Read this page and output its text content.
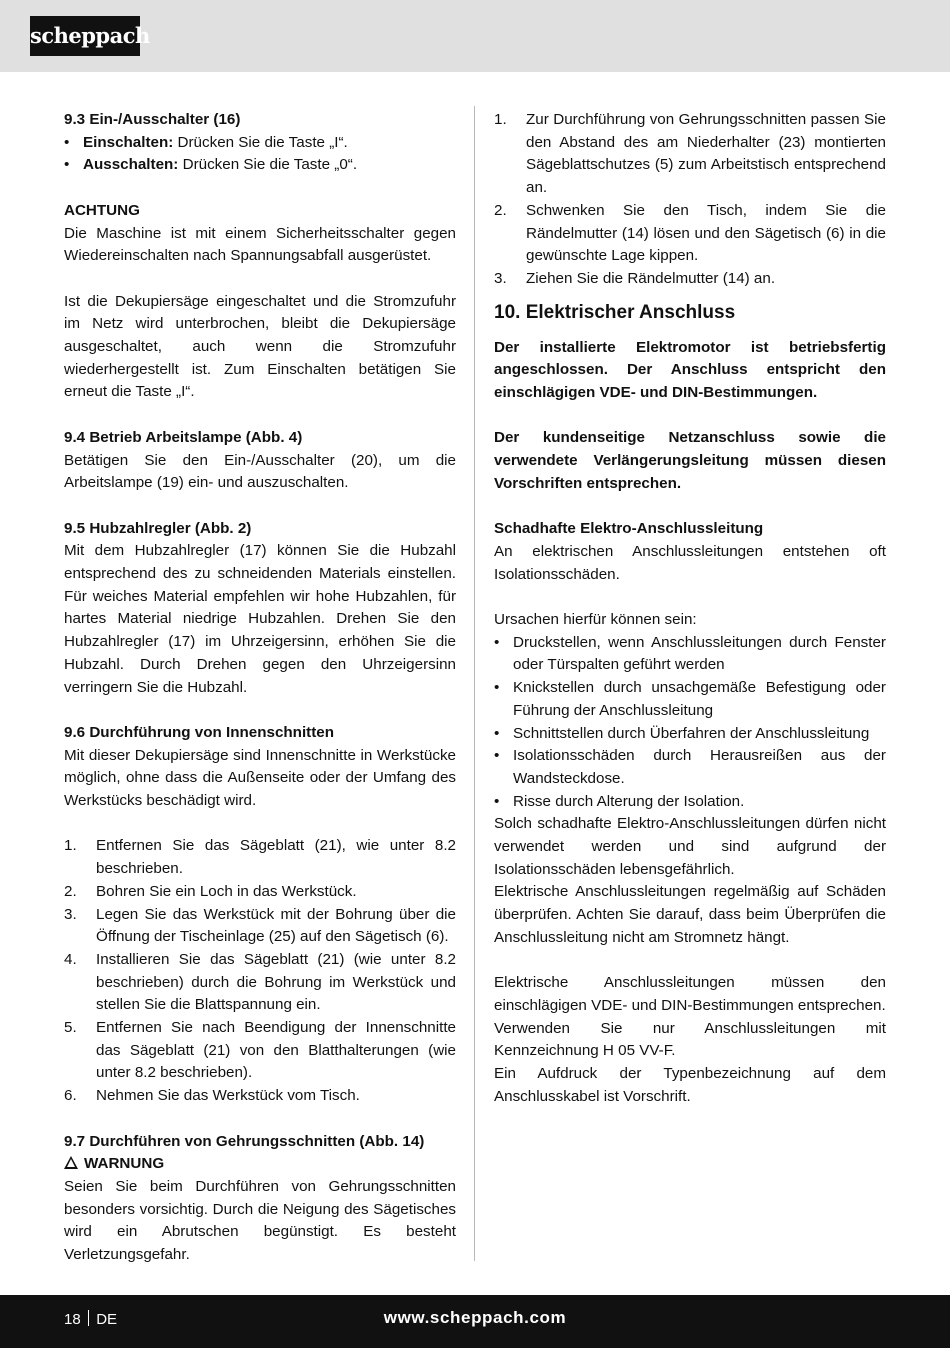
scheppach

9.3 Ein-/Ausschalter (16)

• Einschalten: Drücken Sie die Taste „I“.
• Ausschalten: Drücken Sie die Taste „0“.

ACHTUNG

Die Maschine ist mit einem Sicherheitsschalter gegen Wiedereinschalten nach Spannungsabfall ausgerüstet.

Ist die Dekupiersäge eingeschaltet und die Stromzufuhr im Netz wird unterbrochen, bleibt die Dekupiersäge ausgeschaltet, auch wenn die Stromzufuhr wiederhergestellt ist. Zum Einschalten betätigen Sie erneut die Taste „I“.

9.4 Betrieb Arbeitslampe (Abb. 4)

Betätigen Sie den Ein-/Ausschalter (20), um die Arbeitslampe (19) ein- und auszuschalten.

9.5 Hubzahlregler (Abb. 2)

Mit dem Hubzahlregler (17) können Sie die Hubzahl entsprechend des zu schneidenden Materials einstellen. Für weiches Material empfehlen wir hohe Hubzahlen, für hartes Material niedrige Hubzahlen. Drehen Sie den Hubzahlregler (17) im Uhrzeigersinn, erhöhen Sie die Hubzahl. Durch Drehen gegen den Uhrzeigersinn verringern Sie die Hubzahl.

9.6 Durchführung von Innenschnitten

Mit dieser Dekupiersäge sind Innenschnitte in Werkstücke möglich, ohne dass die Außenseite oder der Umfang des Werkstücks beschädigt wird.

1. Entfernen Sie das Sägeblatt (21), wie unter 8.2 beschrieben.
2. Bohren Sie ein Loch in das Werkstück.
3. Legen Sie das Werkstück mit der Bohrung über die Öffnung der Tischeinlage (25) auf den Sägetisch (6).
4. Installieren Sie das Sägeblatt (21) (wie unter 8.2 beschrieben) durch die Bohrung im Werkstück und stellen Sie die Blattspannung ein.
5. Entfernen Sie nach Beendigung der Innenschnitte das Sägeblatt (21) von den Blatthalterungen (wie unter 8.2 beschrieben).
6. Nehmen Sie das Werkstück vom Tisch.

9.7 Durchführen von Gehrungsschnitten (Abb. 14)

WARNUNG

Seien Sie beim Durchführen von Gehrungsschnitten besonders vorsichtig. Durch die Neigung des Sägetisches wird ein Abrutschen begünstigt. Es besteht Verletzungsgefahr.

1. Zur Durchführung von Gehrungsschnitten passen Sie den Abstand des am Niederhalter (23) montierten Sägeblattschutzes (5) zum Arbeitstisch entsprechend an.
2. Schwenken Sie den Tisch, indem Sie die Rändelmutter (14) lösen und den Sägetisch (6) in die gewünschte Lage kippen.
3. Ziehen Sie die Rändelmutter (14) an.

10. Elektrischer Anschluss

Der installierte Elektromotor ist betriebsfertig angeschlossen. Der Anschluss entspricht den einschlägigen VDE- und DIN-Bestimmungen.

Der kundenseitige Netzanschluss sowie die verwendete Verlängerungsleitung müssen diesen Vorschriften entsprechen.

Schadhafte Elektro-Anschlussleitung

An elektrischen Anschlussleitungen entstehen oft Isolationsschäden.

Ursachen hierfür können sein:

• Druckstellen, wenn Anschlussleitungen durch Fenster oder Türspalten geführt werden
• Knickstellen durch unsachgemäße Befestigung oder Führung der Anschlussleitung
• Schnittstellen durch Überfahren der Anschlussleitung
• Isolationsschäden durch Herausreißen aus der Wandsteckdose.
• Risse durch Alterung der Isolation.

Solch schadhafte Elektro-Anschlussleitungen dürfen nicht verwendet werden und sind aufgrund der Isolationsschäden lebensgefährlich.

Elektrische Anschlussleitungen regelmäßig auf Schäden überprüfen. Achten Sie darauf, dass beim Überprüfen die Anschlussleitung nicht am Stromnetz hängt.

Elektrische Anschlussleitungen müssen den einschlägigen VDE- und DIN-Bestimmungen entsprechen.

Verwenden Sie nur Anschlussleitungen mit Kennzeichnung H 05 VV-F.

Ein Aufdruck der Typenbezeichnung auf dem Anschlusskabel ist Vorschrift.

18 DE	www.scheppach.com
